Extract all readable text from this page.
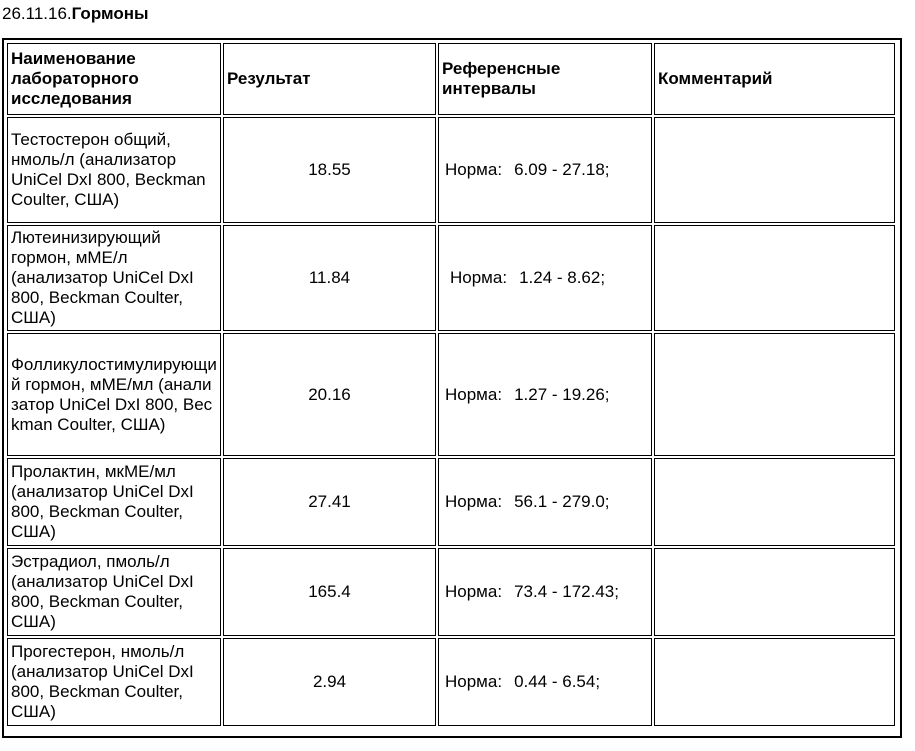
26.11.16.Гормоны
Наименование лабораторного исследования	Результат	Референсные интервалы	Комментарий
Тестостерон общий, нмоль/л (анализатор UniCel DxI 800, Beckman Coulter, США)	18.55	Норма: 6.09 - 27.18;	
Лютеинизирующий гормон, мМЕ/л (анализатор UniCel DxI 800, Beckman Coulter, США)	11.84	Норма: 1.24 - 8.62;	
Фолликулостимулирующий гормон, мМЕ/мл (анализатор UniCel DxI 800, Beckman Coulter, США)	20.16	Норма: 1.27 - 19.26;	
Пролактин, мкМЕ/мл (анализатор UniCel DxI 800, Beckman Coulter, США)	27.41	Норма: 56.1 - 279.0;	
Эстрадиол, пмоль/л (анализатор UniCel DxI 800, Beckman Coulter, США)	165.4	Норма: 73.4 - 172.43;	
Прогестерон, нмоль/л (анализатор UniCel DxI 800, Beckman Coulter, США)	2.94	Норма: 0.44 - 6.54;	
